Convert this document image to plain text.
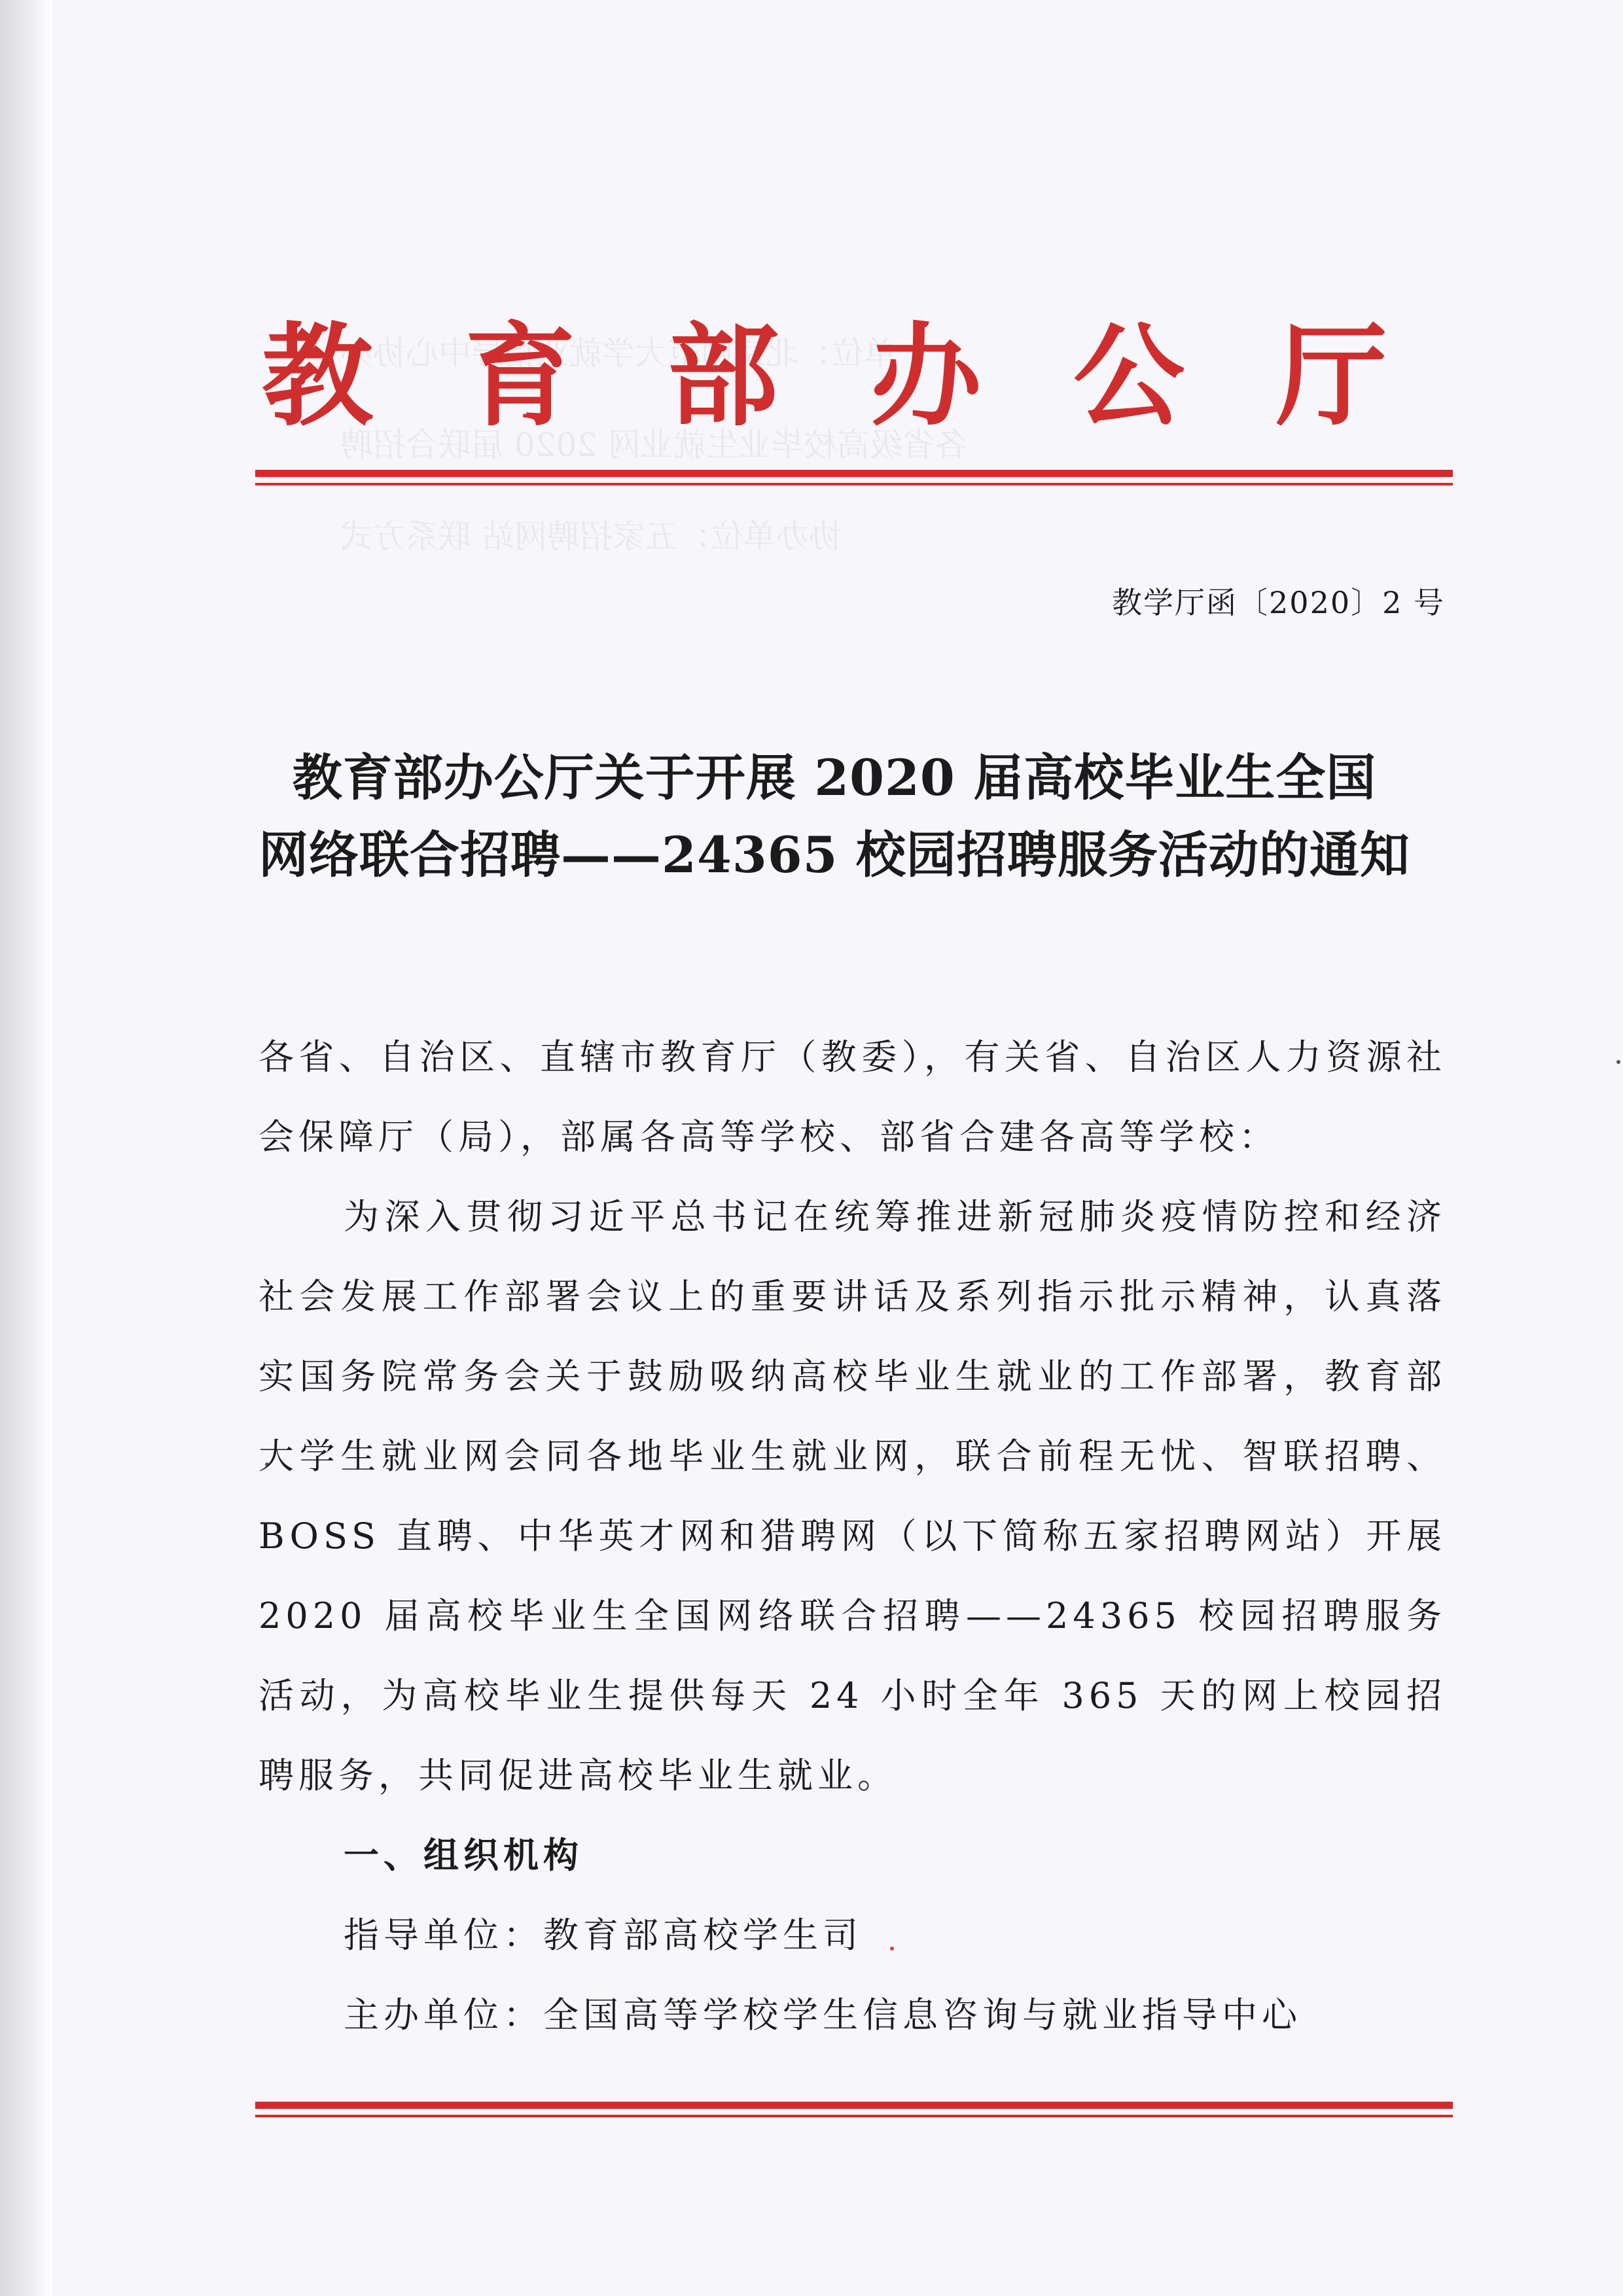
单位：北京师范大学就业指导中心协办
各省级高校毕业生就业网 2020 届联合招聘
协办单位：五家招聘网站 联系方式
教 育 部 办 公 厅
教学厅函〔2020〕2 号
教育部办公厅关于开展 2020 届高校毕业生全国
网络联合招聘——24365 校园招聘服务活动的通知

各省、自治区、直辖市教育厅（教委），有关省、自治区人力资源社会保障厅（局），部属各高等学校、部省合建各高等学校：

为深入贯彻习近平总书记在统筹推进新冠肺炎疫情防控和经济社会发展工作部署会议上的重要讲话及系列指示批示精神，认真落实国务院常务会关于鼓励吸纳高校毕业生就业的工作部署，教育部大学生就业网会同各地毕业生就业网，联合前程无忧、智联招聘、BOSS 直聘、中华英才网和猎聘网（以下简称五家招聘网站）开展 2020 届高校毕业生全国网络联合招聘——24365 校园招聘服务活动，为高校毕业生提供每天 24 小时全年 365 天的网上校园招聘服务，共同促进高校毕业生就业。

一、组织机构

指导单位：教育部高校学生司

主办单位：全国高等学校学生信息咨询与就业指导中心
